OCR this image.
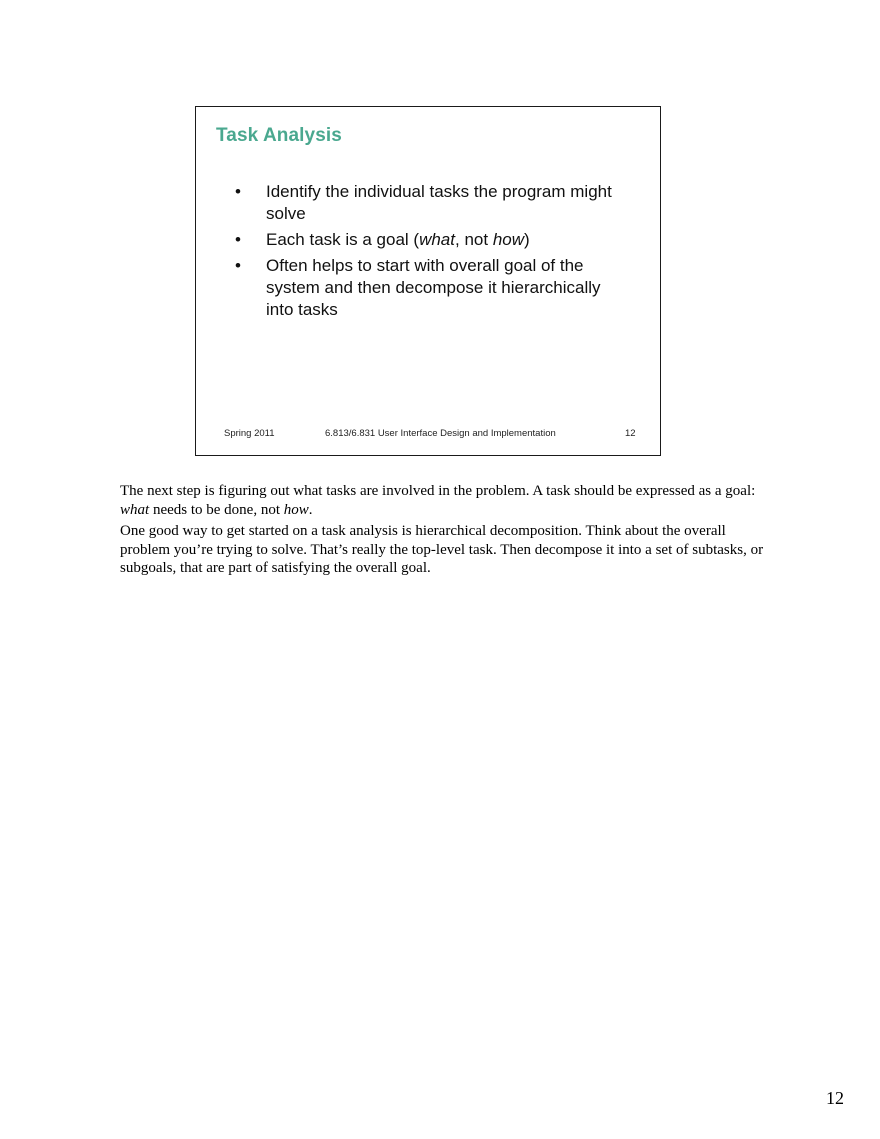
Task Analysis
• Identify the individual tasks the program might solve
• Each task is a goal (what, not how)
• Often helps to start with overall goal of the system and then decompose it hierarchically into tasks
Spring 2011	6.813/6.831 User Interface Design and Implementation	12

The next step is figuring out what tasks are involved in the problem. A task should be expressed as a goal: what needs to be done, not how.

One good way to get started on a task analysis is hierarchical decomposition. Think about the overall problem you’re trying to solve. That’s really the top-level task. Then decompose it into a set of subtasks, or subgoals, that are part of satisfying the overall goal.

12
